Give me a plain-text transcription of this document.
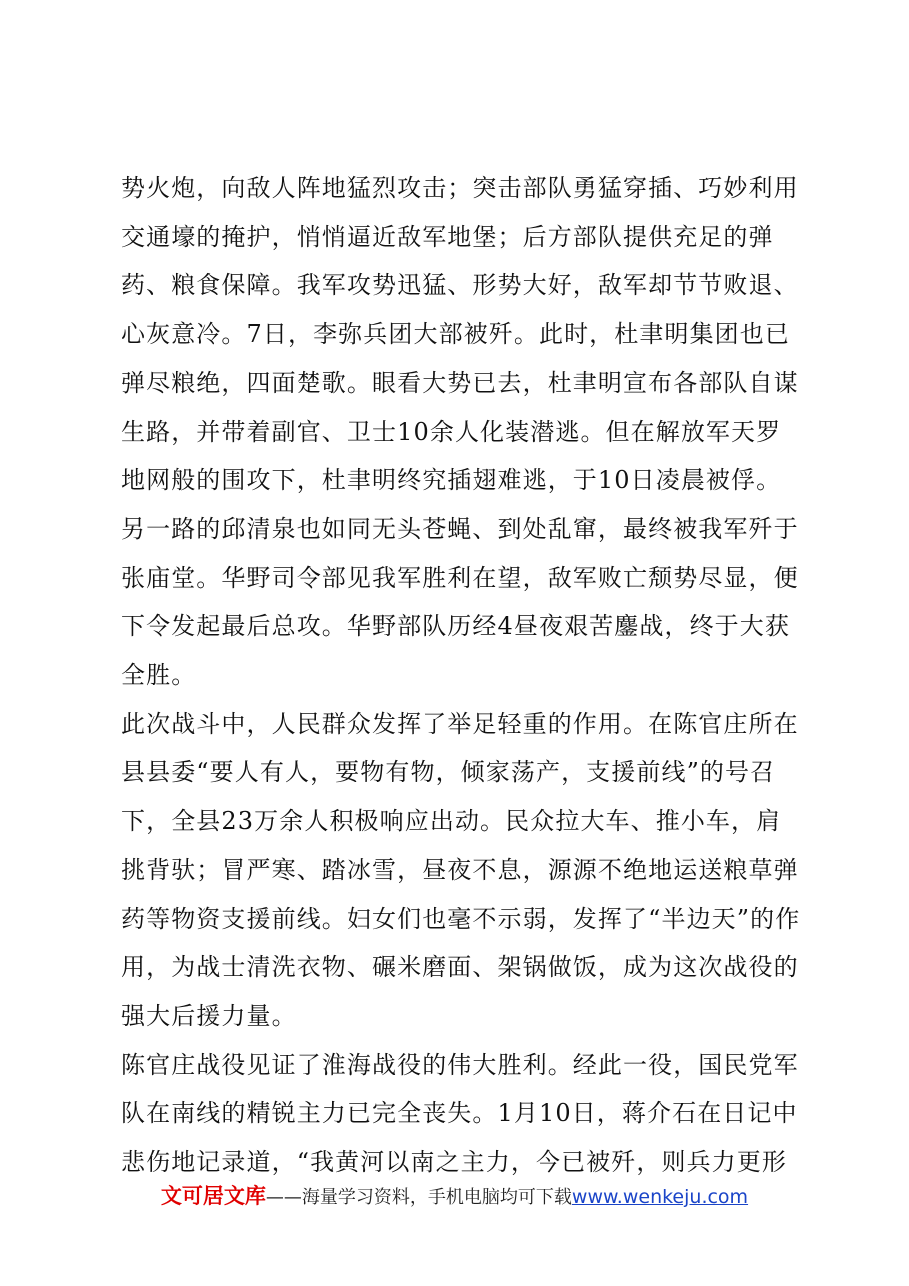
势火炮，向敌人阵地猛烈攻击；突击部队勇猛穿插、巧妙利用交通壕的掩护，悄悄逼近敌军地堡；后方部队提供充足的弹药、粮食保障。我军攻势迅猛、形势大好，敌军却节节败退、心灰意冷。7日，李弥兵团大部被歼。此时，杜聿明集团也已弹尽粮绝，四面楚歌。眼看大势已去，杜聿明宣布各部队自谋生路，并带着副官、卫士10余人化装潜逃。但在解放军天罗地网般的围攻下，杜聿明终究插翅难逃，于10日凌晨被俘。另一路的邱清泉也如同无头苍蝇、到处乱窜，最终被我军歼于张庙堂。华野司令部见我军胜利在望，敌军败亡颓势尽显，便下令发起最后总攻。华野部队历经4昼夜艰苦鏖战，终于大获全胜。

此次战斗中，人民群众发挥了举足轻重的作用。在陈官庄所在县县委“要人有人，要物有物，倾家荡产，支援前线”的号召下，全县23万余人积极响应出动。民众拉大车、推小车，肩挑背驮；冒严寒、踏冰雪，昼夜不息，源源不绝地运送粮草弹药等物资支援前线。妇女们也毫不示弱，发挥了“半边天”的作用，为战士清洗衣物、碾米磨面、架锅做饭，成为这次战役的强大后援力量。

陈官庄战役见证了淮海战役的伟大胜利。经此一役，国民党军队在南线的精锐主力已完全丧失。1月10日，蒋介石在日记中悲伤地记录道，“我黄河以南之主力，今已被歼，则兵力更形

文可居文库——海量学习资料，手机电脑均可下载www.wenkeju.com
